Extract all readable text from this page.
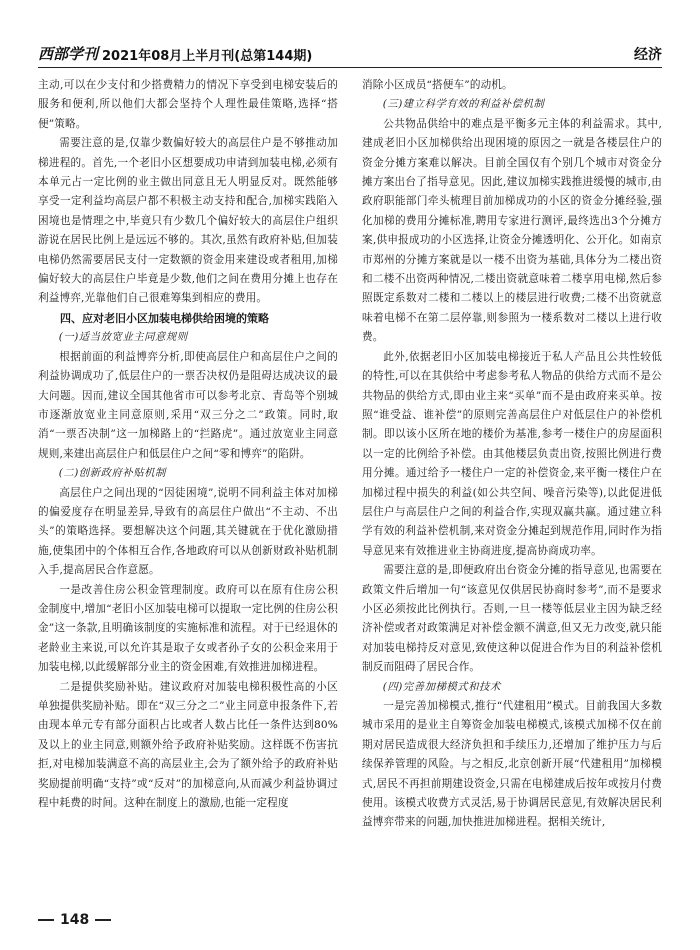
西部学刊 2021年08月上半月刊(总第144期)	经济

主动,可以在少支付和少搭费精力的情况下享受到电梯安装后的服务和便利,所以他们大都会坚持个人理性最佳策略,选择“搭便”策略。

需要注意的是,仅靠少数偏好较大的高层住户是不够推动加梯进程的。首先,一个老旧小区想要成功申请到加装电梯,必须有本单元占一定比例的业主做出同意且无人明显反对。既然能够享受一定利益均高层户都不积极主动支持和配合,加梯实践陷入困境也是情理之中,毕竟只有少数几个偏好较大的高层住户组织游说在居民比例上是远远不够的。其次,虽然有政府补贴,但加装电梯仍然需要居民支付一定数额的资金用来建设或者租用,加梯偏好较大的高层住户毕竟是少数,他们之间在费用分摊上也存在利益博弈,光靠他们自己很难筹集到相应的费用。

四、应对老旧小区加装电梯供给困境的策略
(一)适当放宽业主同意规则

根据前面的利益博弈分析,即使高层住户和高层住户之间的利益协调成功了,低层住户的一票否决权仍是阻碍达成决议的最大问题。因而,建议全国其他省市可以参考北京、青岛等个别城市逐渐放宽业主同意原则,采用“双三分之二”政策。同时,取消“一票否决制”这一加梯路上的“拦路虎”。通过放宽业主同意规则,来建出高层住户和低层住户之间“零和博弈”的陷阱。

(二)创新政府补贴机制

高层住户之间出现的“因徒困境”,说明不同利益主体对加梯的偏爱度存在明显差异,导致有的高层住户做出“不主动、不出头”的策略选择。要想解决这个问题,其关键就在于优化激励措施,使集团中的个体相互合作,各地政府可以从创新财政补贴机制入手,提高居民合作意愿。

一是改善住房公积金管理制度。政府可以在原有住房公积金制度中,增加“老旧小区加装电梯可以提取一定比例的住房公积金”这一条款,且明确该制度的实施标准和流程。对于已经退休的老龄业主来说,可以允许其是取子女或者孙子女的公积金来用于加装电梯,以此缓解部分业主的资金困难,有效推进加梯进程。

二是提供奖励补贴。建议政府对加装电梯积极性高的小区单独提供奖励补贴。即在“双三分之二”业主同意申报条件下,若由现本单元专有部分面积占比或者人数占比任一条件达到80%及以上的业主同意,则额外给予政府补贴奖励。这样既不伤害抗拒,对电梯加装满意不高的高层业主,会为了额外给予的政府补贴奖励提前明确“支持”或“反对”的加梯意向,从而减少利益协调过程中耗费的时间。这种在制度上的激励,也能一定程度

消除小区成员“搭便车”的动机。

(三)建立科学有效的利益补偿机制

公共物品供给中的难点是平衡多元主体的利益需求。其中,建成老旧小区加梯供给出现困境的原因之一就是各楼层住户的资金分摊方案难以解决。目前全国仅有个别几个城市对资金分摊方案出台了指导意见。因此,建议加梯实践推进缓慢的城市,由政府职能部门牵头梳理目前加梯成功的小区的资金分摊经验,强化加梯的费用分摊标准,聘用专家进行测评,最终选出3个分摊方案,供申报成功的小区选择,让资金分摊透明化、公开化。如南京市郑州的分摊方案就是以一楼不出资为基础,具体分为二楼出资和二楼不出资两种情况,二楼出资就意味着二楼享用电梯,然后参照既定系数对二楼和二楼以上的楼层进行收费;二楼不出资就意味着电梯不在第二层停靠,则参照为一楼系数对二楼以上进行收费。

此外,依据老旧小区加装电梯接近于私人产品且公共性较低的特性,可以在其供给中考虑参考私人物品的供给方式而不是公共物品的供给方式,即由业主来“买单”而不是由政府来买单。按照“谁受益、谁补偿”的原则完善高层住户对低层住户的补偿机制。即以该小区所在地的楼价为基准,参考一楼住户的房屋面积以一定的比例给予补偿。由其他楼层负责出资,按照比例进行费用分摊。通过给予一楼住户一定的补偿资金,来平衡一楼住户在加梯过程中损失的利益(如公共空间、噪音污染等),以此促进低层住户与高层住户之间的利益合作,实现双赢共赢。通过建立科学有效的利益补偿机制,来对资金分摊起到规范作用,同时作为指导意见来有效推进业主协商进度,提高协商成功率。

需要注意的是,即便政府出台资金分摊的指导意见,也需要在政策文件后增加一句“该意见仅供居民协商时参考”,而不是要求小区必须按此比例执行。否则,一旦一楼等低层业主因为缺乏经济补偿或者对政策满足对补偿金额不满意,但又无力改变,就只能对加装电梯持反对意见,致使这种以促进合作为目的利益补偿机制反而阻碍了居民合作。

(四)完善加梯模式和技术

一是完善加梯模式,推行“代建租用”模式。目前我国大多数城市采用的是业主自筹资金加装电梯模式,该模式加梯不仅在前期对居民造成很大经济负担和手续压力,还增加了维护压力与后续保养管理的风险。与之相反,北京创新开展“代建租用”加梯模式,居民不再担前期建设资金,只需在电梯建成后按年或按月付费使用。该模式收费方式灵活,易于协调居民意见,有效解决居民利益博弈带来的问题,加快推进加梯进程。据相关统计,

148
